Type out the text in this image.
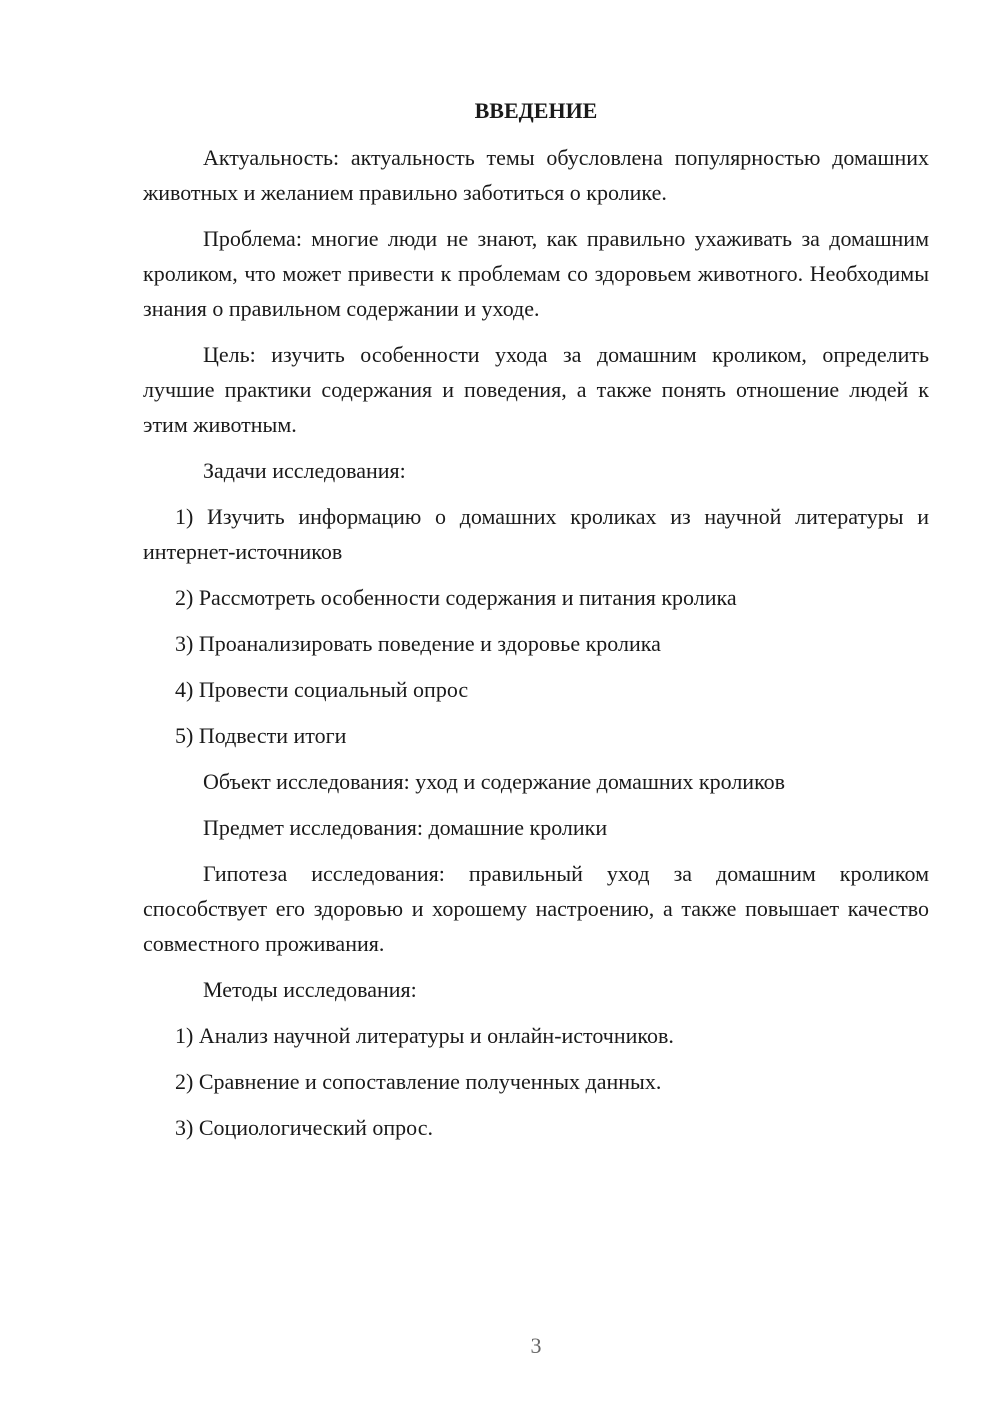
ВВЕДЕНИЕ

Актуальность: актуальность темы обусловлена популярностью домашних животных и желанием правильно заботиться о кролике.

Проблема: многие люди не знают, как правильно ухаживать за домашним кроликом, что может привести к проблемам со здоровьем животного. Необходимы знания о правильном содержании и уходе.

Цель: изучить особенности ухода за домашним кроликом, определить лучшие практики содержания и поведения, а также понять отношение людей к этим животным.

Задачи исследования:

1) Изучить информацию о домашних кроликах из научной литературы и интернет-источников

2) Рассмотреть особенности содержания и питания кролика

3) Проанализировать поведение и здоровье кролика

4) Провести социальный опрос

5) Подвести итоги

Объект исследования: уход и содержание домашних кроликов

Предмет исследования: домашние кролики

Гипотеза исследования: правильный уход за домашним кроликом способствует его здоровью и хорошему настроению, а также повышает качество совместного проживания.

Методы исследования:

1) Анализ научной литературы и онлайн-источников.

2) Сравнение и сопоставление полученных данных.

3) Социологический опрос.

3
